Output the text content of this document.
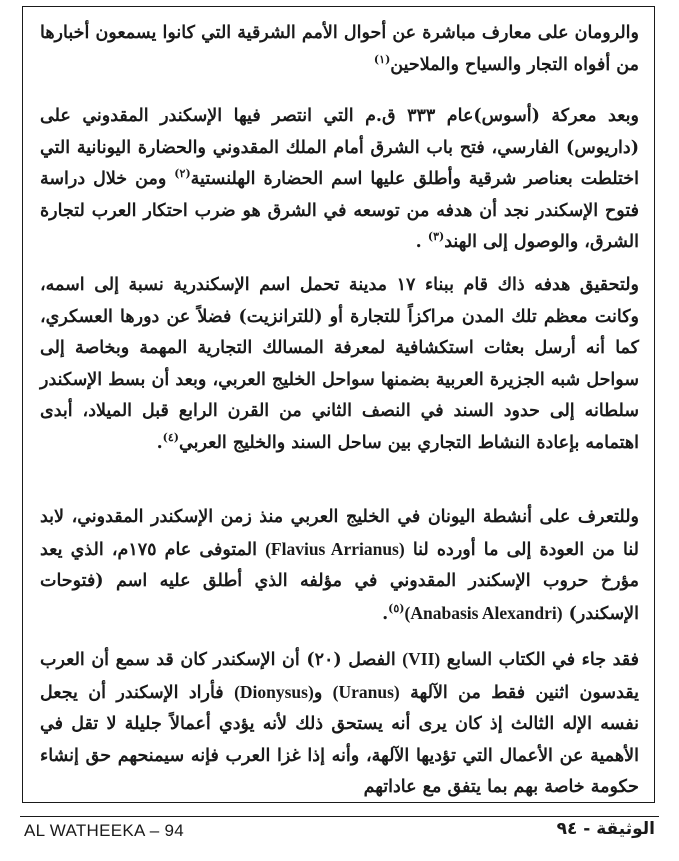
والرومان على معارف مباشرة عن أحوال الأمم الشرقية التي كانوا يسمعون أخبارها من أفواه التجار والسياح والملاحين$^{(١)}$
وبعد معركة (أسوس)عام ٣٣٣ ق.م التي انتصر فيها الإسكندر المقدوني على (داريوس) الفارسي، فتح باب الشرق أمام الملك المقدوني والحضارة اليونانية التي اختلطت بعناصر شرقية وأطلق عليها اسم الحضارة الهلنستية$^{(٢)}$ ومن خلال دراسة فتوح الإسكندر نجد أن هدفه من توسعه في الشرق هو ضرب احتكار العرب لتجارة الشرق، والوصول إلى الهند$^{(٣)}$ .
ولتحقيق هدفه ذاك قام ببناء ١٧ مدينة تحمل اسم الإسكندرية نسبة إلى اسمه، وكانت معظم تلك المدن مراكزاً للتجارة أو (للترانزيت) فضلاً عن دورها العسكري، كما أنه أرسل بعثات استكشافية لمعرفة المسالك التجارية المهمة وبخاصة إلى سواحل شبه الجزيرة العربية بضمنها سواحل الخليج العربي، وبعد أن بسط الإسكندر سلطانه إلى حدود السند في النصف الثاني من القرن الرابع قبل الميلاد، أبدى اهتمامه بإعادة النشاط التجاري بين ساحل السند والخليج العربي$^{(٤)}$.
وللتعرف على أنشطة اليونان في الخليج العربي منذ زمن الإسكندر المقدوني، لابد لنا من العودة إلى ما أورده لنا (Flavius Arrianus) المتوفى عام ١٧٥م، الذي يعد مؤرخ حروب الإسكندر المقدوني في مؤلفه الذي أطلق عليه اسم (فتوحات الإسكندر) (Anabasis Alexandri)$^{(٥)}$.
فقد جاء في الكتاب السابع (VII) الفصل (٢٠) أن الإسكندر كان قد سمع أن العرب يقدسون اثنين فقط من الآلهة (Uranus) و(Dionysus) فأراد الإسكندر أن يجعل نفسه الإله الثالث إذ كان يرى أنه يستحق ذلك لأنه يؤدي أعمالاً جليلة لا تقل في الأهمية عن الأعمال التي تؤديها الآلهة، وأنه إذا غزا العرب فإنه سيمنحهم حق إنشاء حكومة خاصة بهم بما يتفق مع عاداتهم
AL WATHEEKA – 94	الوثيقة - ٩٤
